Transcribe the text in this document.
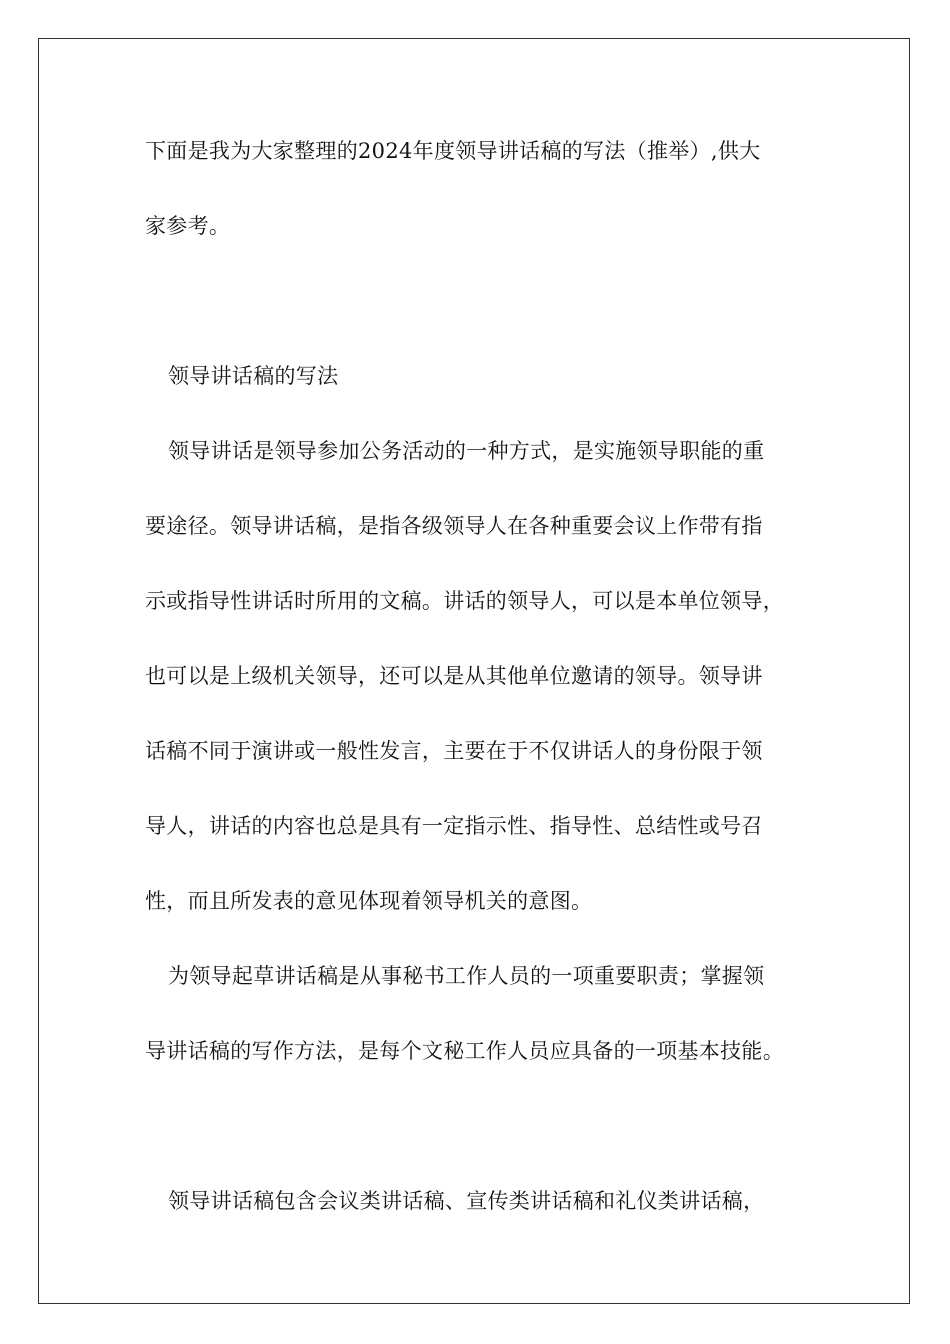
下面是我为大家整理的2024年度领导讲话稿的写法（推举）,供大
家参考。
领导讲话稿的写法
领导讲话是领导参加公务活动的一种方式，是实施领导职能的重
要途径。领导讲话稿，是指各级领导人在各种重要会议上作带有指
示或指导性讲话时所用的文稿。讲话的领导人，可以是本单位领导，
也可以是上级机关领导，还可以是从其他单位邀请的领导。领导讲
话稿不同于演讲或一般性发言，主要在于不仅讲话人的身份限于领
导人，讲话的内容也总是具有一定指示性、指导性、总结性或号召
性，而且所发表的意见体现着领导机关的意图。
为领导起草讲话稿是从事秘书工作人员的一项重要职责；掌握领
导讲话稿的写作方法，是每个文秘工作人员应具备的一项基本技能。
领导讲话稿包含会议类讲话稿、宣传类讲话稿和礼仪类讲话稿，
